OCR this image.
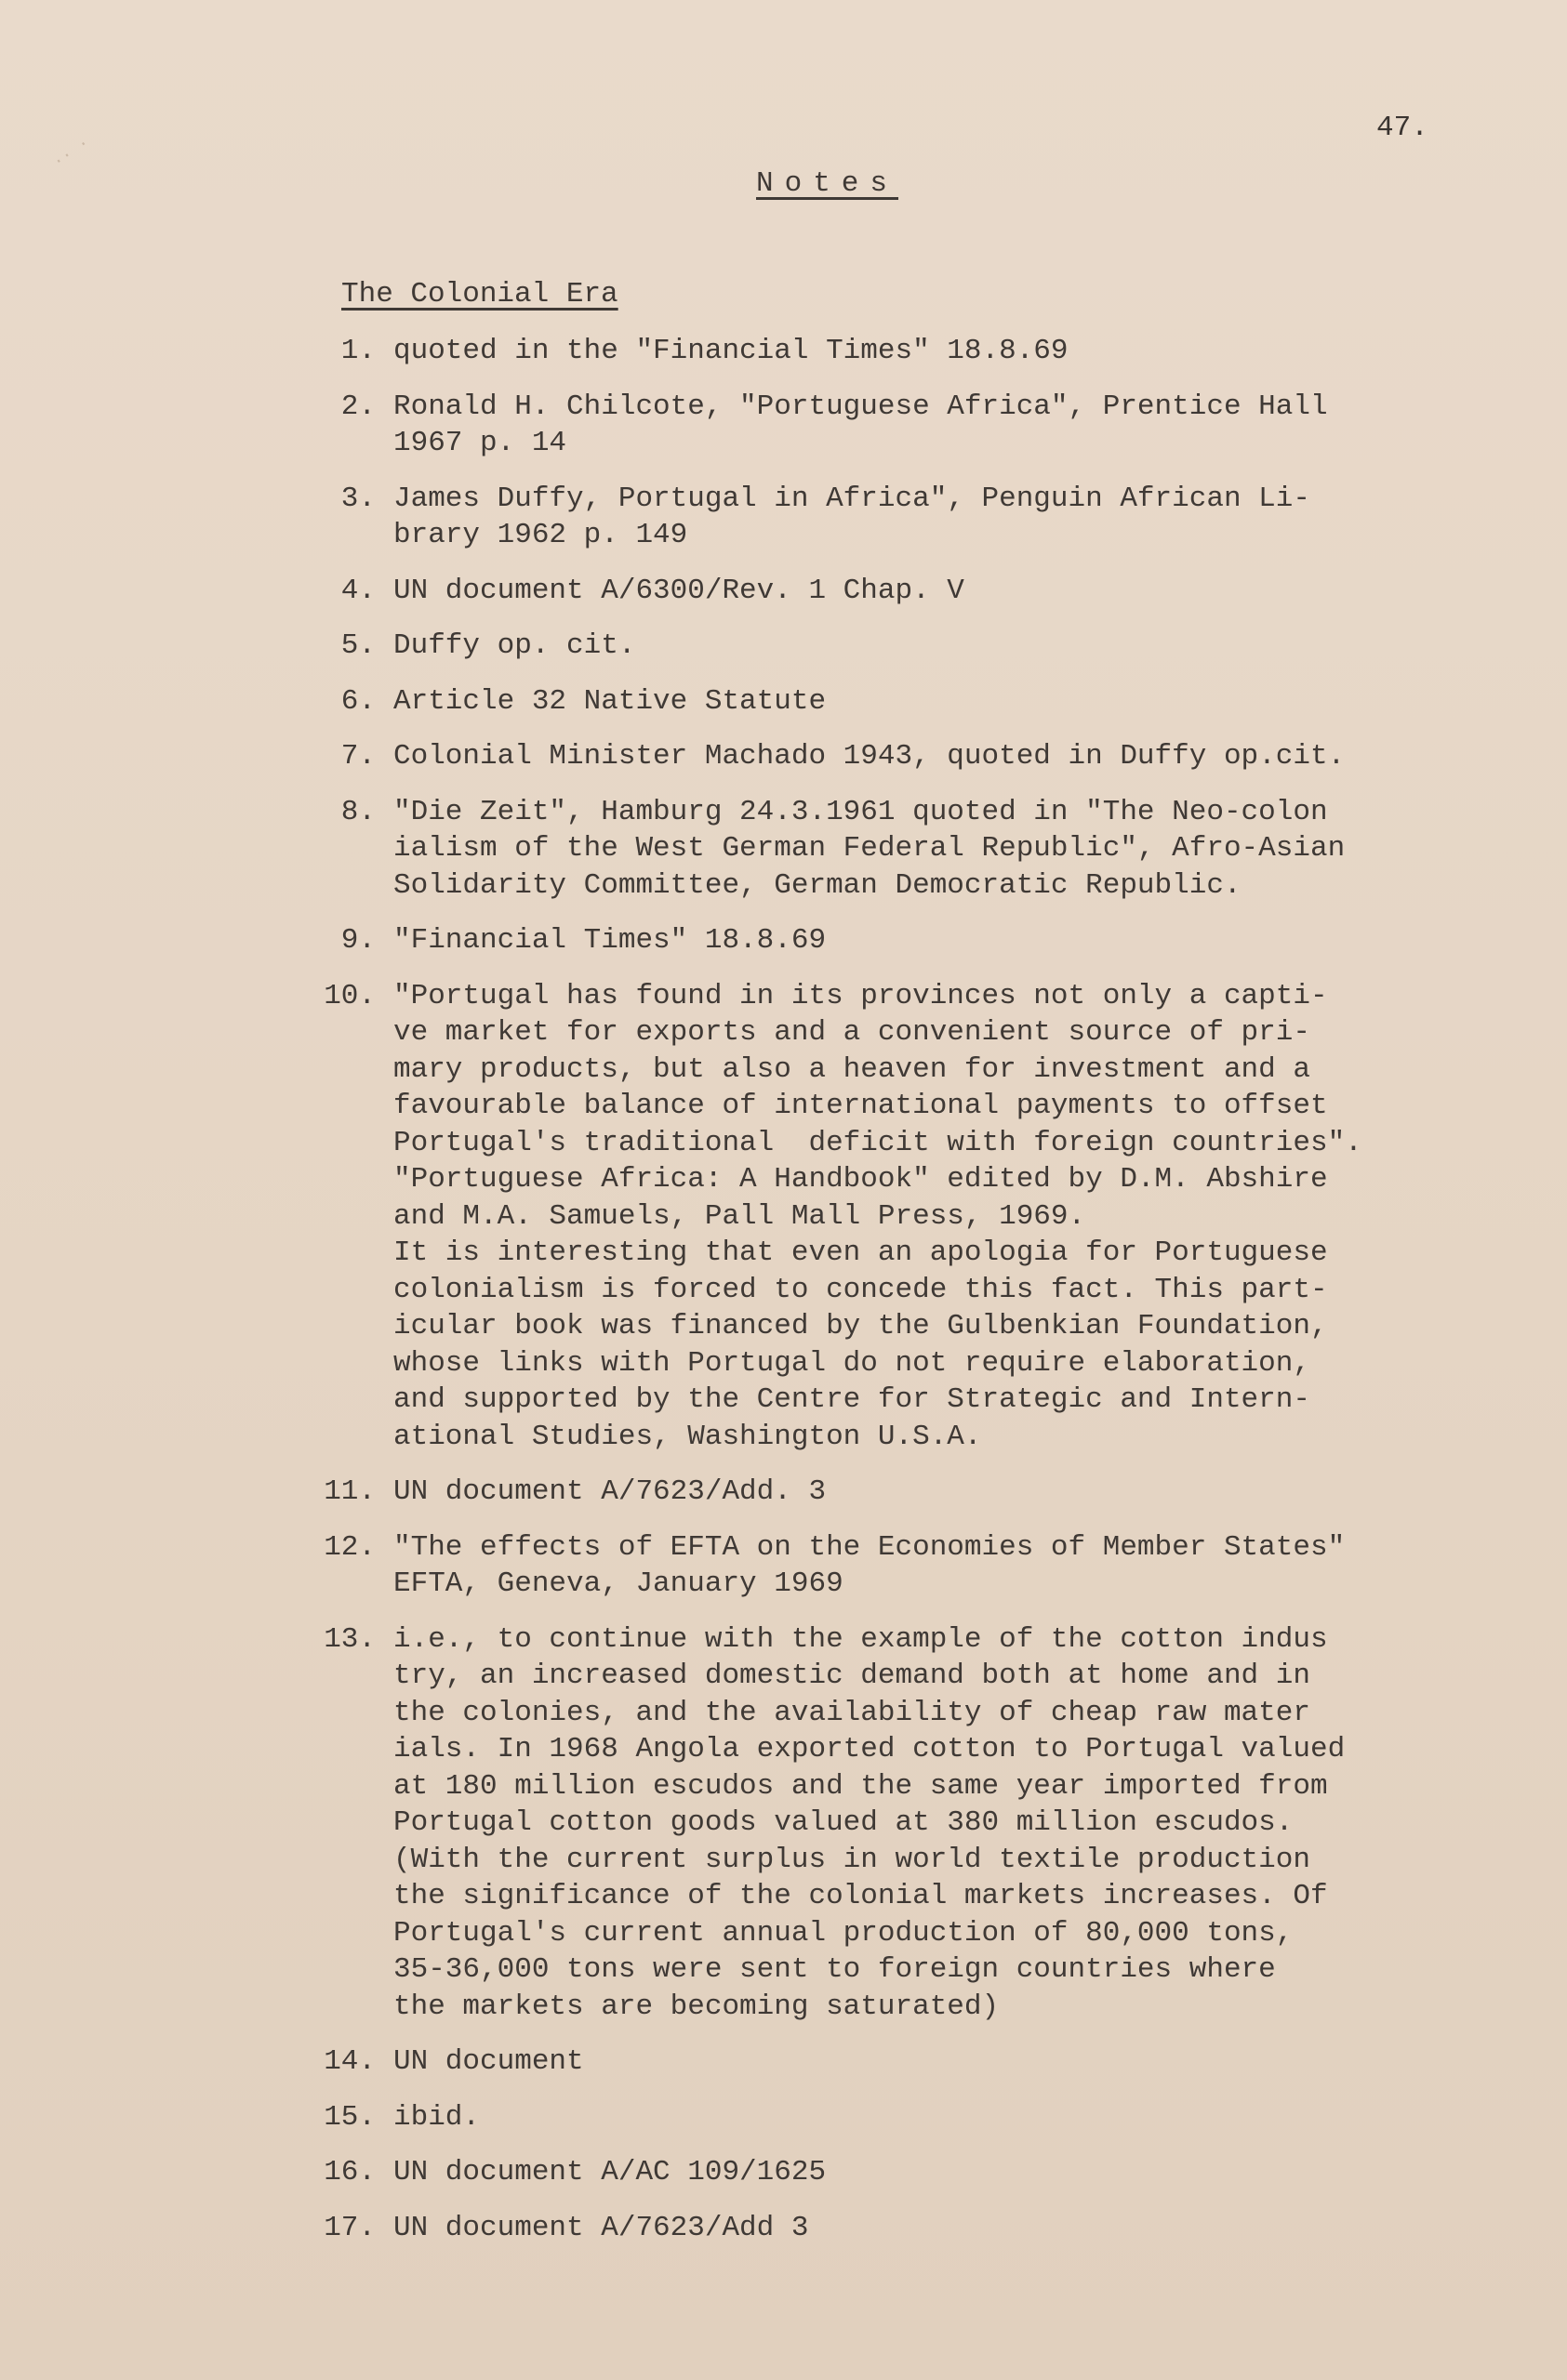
·· ·
47.
Notes
The Colonial Era
1. quoted in the "Financial Times" 18.8.69
2. Ronald H. Chilcote, "Portuguese Africa", Prentice Hall
1967 p. 14
3. James Duffy, Portugal in Africa", Penguin African Li-
brary 1962 p. 149
4. UN document A/6300/Rev. 1 Chap. V
5. Duffy op. cit.
6. Article 32 Native Statute
7. Colonial Minister Machado 1943, quoted in Duffy op.cit.
8. "Die Zeit", Hamburg 24.3.1961 quoted in "The Neo-colon
ialism of the West German Federal Republic", Afro-Asian
Solidarity Committee, German Democratic Republic.
9. "Financial Times" 18.8.69
10. "Portugal has found in its provinces not only a capti-
ve market for exports and a convenient source of pri-
mary products, but also a heaven for investment and a
favourable balance of international payments to offset
Portugal's traditional  deficit with foreign countries".
"Portuguese Africa: A Handbook" edited by D.M. Abshire
and M.A. Samuels, Pall Mall Press, 1969.
It is interesting that even an apologia for Portuguese
colonialism is forced to concede this fact. This part-
icular book was financed by the Gulbenkian Foundation,
whose links with Portugal do not require elaboration,
and supported by the Centre for Strategic and Intern-
ational Studies, Washington U.S.A.
11. UN document A/7623/Add. 3
12. "The effects of EFTA on the Economies of Member States"
EFTA, Geneva, January 1969
13. i.e., to continue with the example of the cotton indus
try, an increased domestic demand both at home and in
the colonies, and the availability of cheap raw mater
ials. In 1968 Angola exported cotton to Portugal valued
at 180 million escudos and the same year imported from
Portugal cotton goods valued at 380 million escudos.
(With the current surplus in world textile production
the significance of the colonial markets increases. Of
Portugal's current annual production of 80,000 tons,
35-36,000 tons were sent to foreign countries where
the markets are becoming saturated)
14. UN document
15. ibid.
16. UN document A/AC 109/1625
17. UN document A/7623/Add 3
